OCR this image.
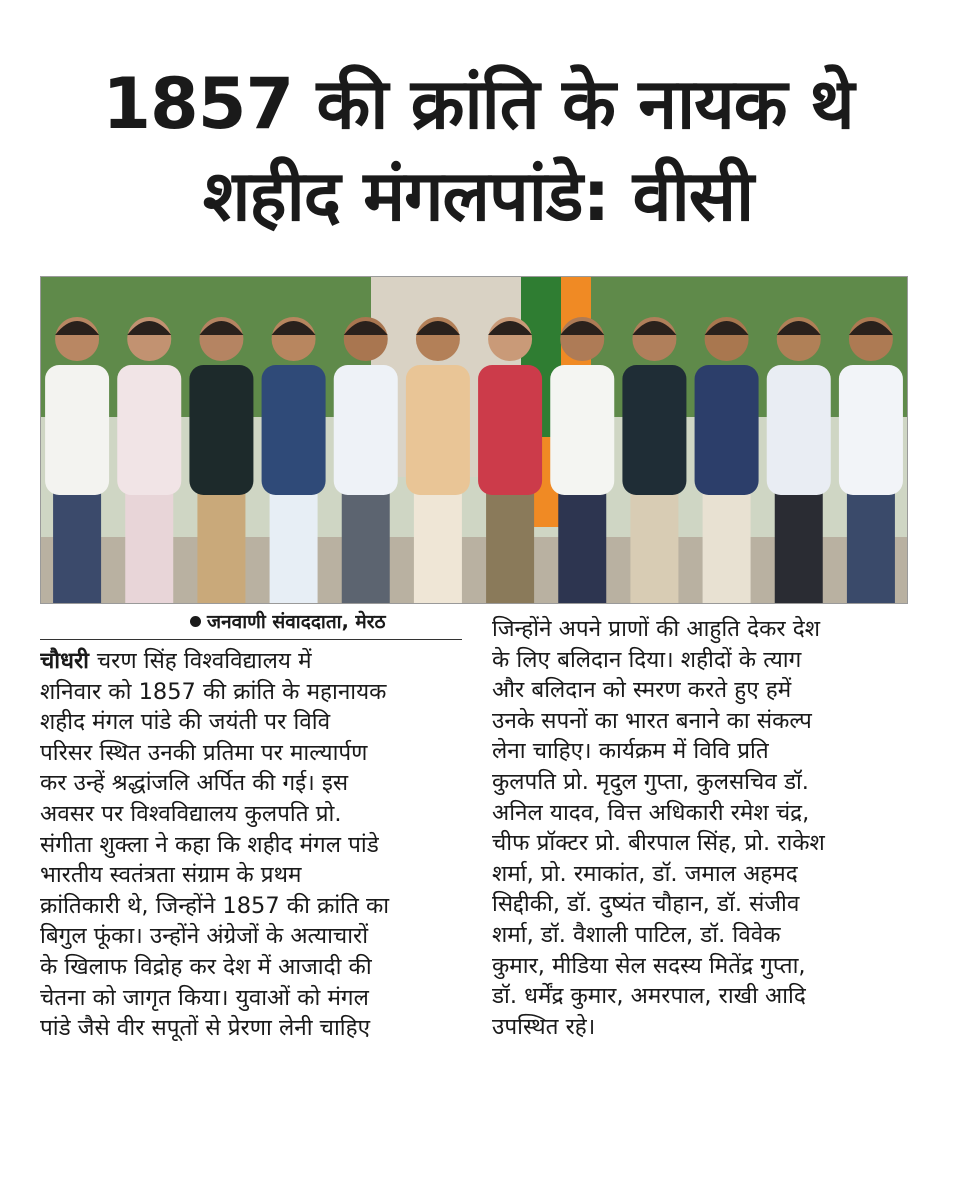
1857 की क्रांति के नायक थे
शहीद मंगलपांडे: वीसी
जनवाणी संवाददाता, मेरठ
चौधरी चरण सिंह विश्वविद्यालय में
शनिवार को 1857 की क्रांति के महानायक
शहीद मंगल पांडे की जयंती पर विवि
परिसर स्थित उनकी प्रतिमा पर माल्यार्पण
कर उन्हें श्रद्धांजलि अर्पित की गई। इस
अवसर पर विश्वविद्यालय कुलपति प्रो.
संगीता शुक्ला ने कहा कि शहीद मंगल पांडे
भारतीय स्वतंत्रता संग्राम के प्रथम
क्रांतिकारी थे, जिन्होंने 1857 की क्रांति का
बिगुल फूंका। उन्होंने अंग्रेजों के अत्याचारों
के खिलाफ विद्रोह कर देश में आजादी की
चेतना को जागृत किया। युवाओं को मंगल
पांडे जैसे वीर सपूतों से प्रेरणा लेनी चाहिए
जिन्होंने अपने प्राणों की आहुति देकर देश
के लिए बलिदान दिया। शहीदों के त्याग
और बलिदान को स्मरण करते हुए हमें
उनके सपनों का भारत बनाने का संकल्प
लेना चाहिए। कार्यक्रम में विवि प्रति
कुलपति प्रो. मृदुल गुप्ता, कुलसचिव डॉ.
अनिल यादव, वित्त अधिकारी रमेश चंद्र,
चीफ प्रॉक्टर प्रो. बीरपाल सिंह, प्रो. राकेश
शर्मा, प्रो. रमाकांत, डॉ. जमाल अहमद
सिद्दीकी, डॉ. दुष्यंत चौहान, डॉ. संजीव
शर्मा, डॉ. वैशाली पाटिल, डॉ. विवेक
कुमार, मीडिया सेल सदस्य मितेंद्र गुप्ता,
डॉ. धर्मेंद्र कुमार, अमरपाल, राखी आदि
उपस्थित रहे।
